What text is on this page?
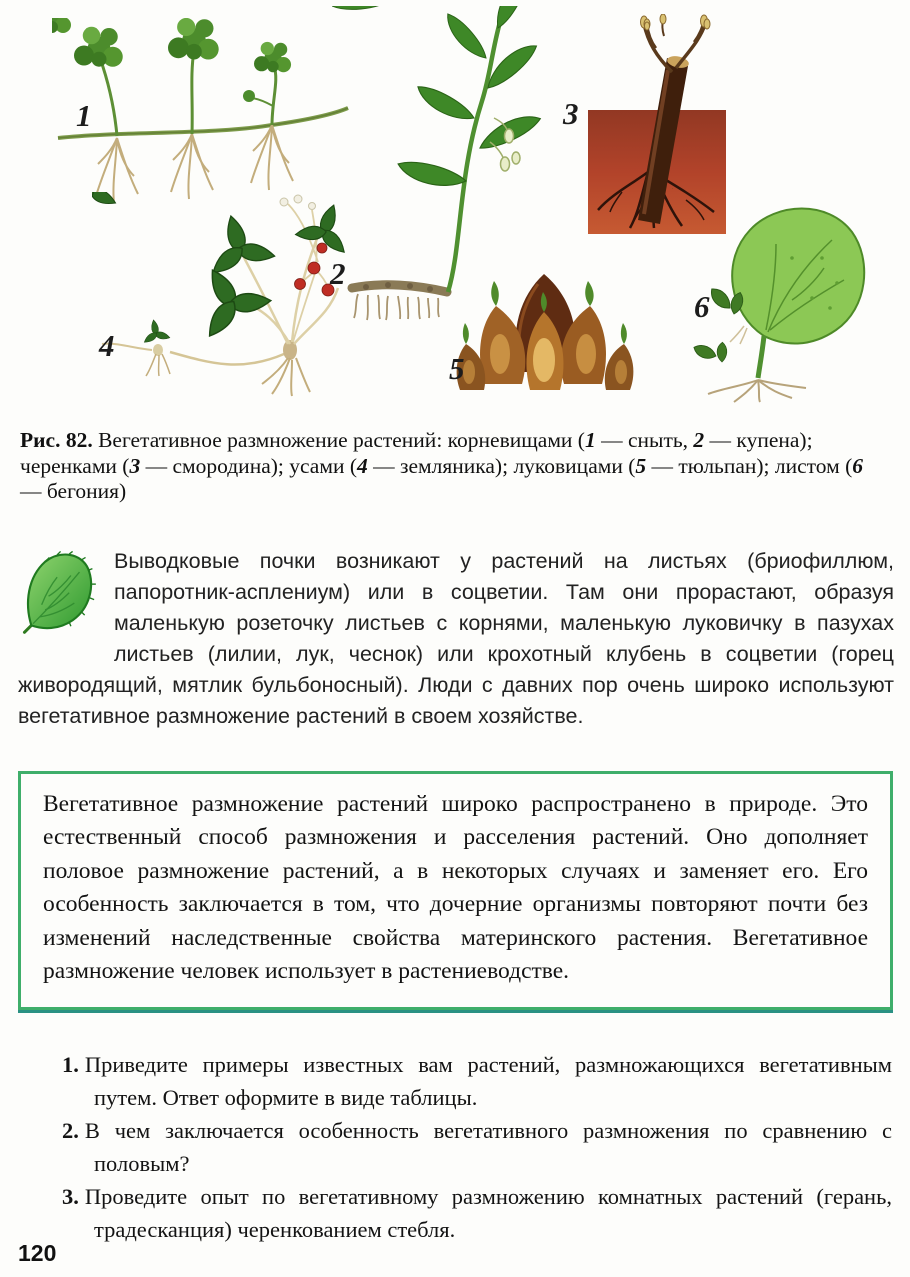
1
2
3
4
5
6

Рис. 82. Вегетативное размножение растений: корневищами (1 — сныть, 2 — купена); черенками (3 — смородина); усами (4 — земляника); луковицами (5 — тюльпан); листом (6 — бегония)

Выводковые почки возникают у растений на листьях (бриофиллюм, папоротник-асплениум) или в соцветии. Там они прорастают, образуя маленькую розеточку листьев с корнями, маленькую луковичку в пазухах листьев (лилии, лук, чеснок) или крохотный клубень в соцветии (горец живородящий, мятлик бульбоносный). Люди с давних пор очень широко используют вегетативное размножение растений в своем хозяйстве.

Вегетативное размножение растений широко распространено в природе. Это естественный способ размножения и расселения растений. Оно дополняет половое размножение растений, а в некоторых случаях и заменяет его. Его особенность заключается в том, что дочерние организмы повторяют почти без изменений наследственные свойства материнского растения. Вегетативное размножение человек использует в растениеводстве.

1. Приведите примеры известных вам растений, размножающихся вегетативным путем. Ответ оформите в виде таблицы.

2. В чем заключается особенность вегетативного размножения по сравнению с половым?

3. Проведите опыт по вегетативному размножению комнатных растений (герань, традесканция) черенкованием стебля.

120
